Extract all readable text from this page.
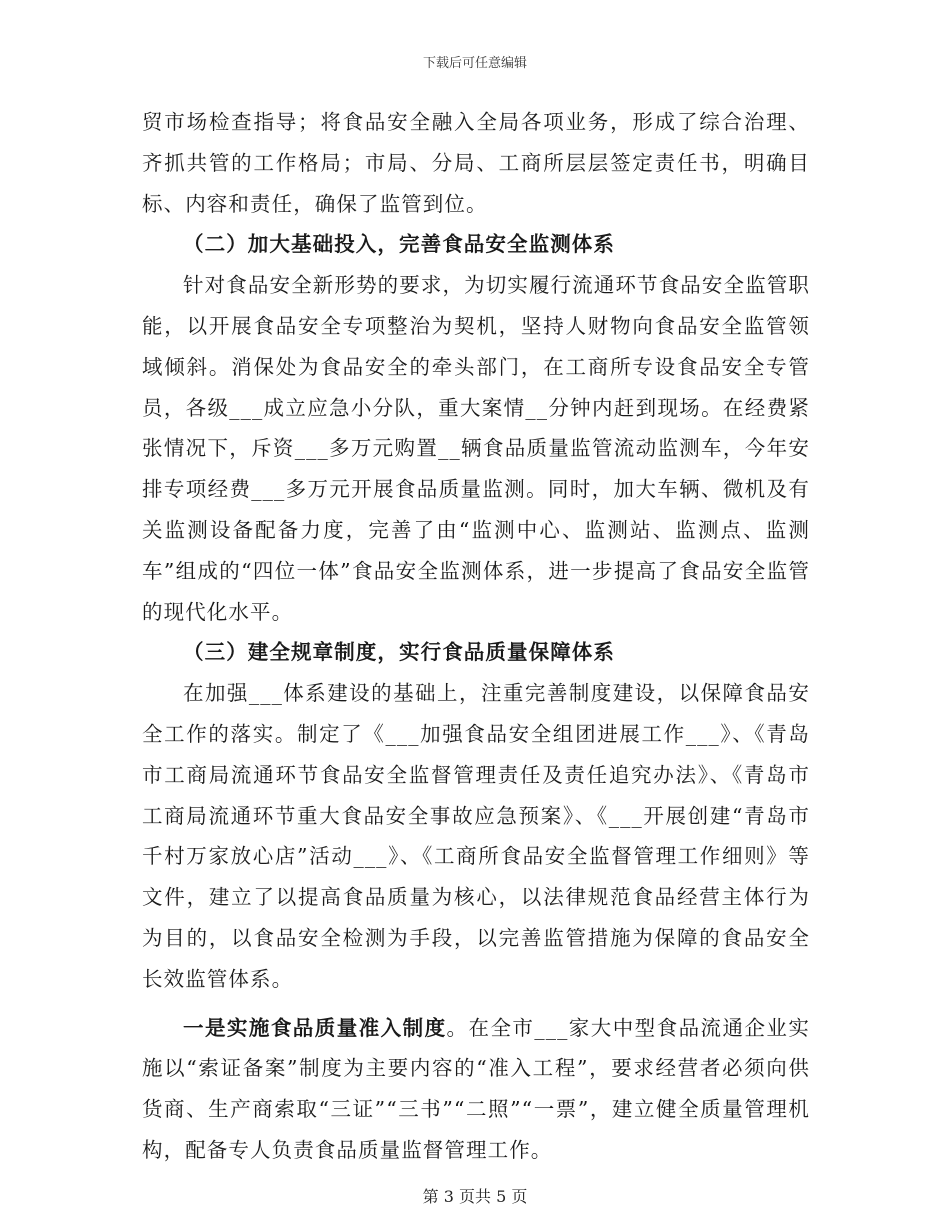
下载后可任意编辑

贸市场检查指导；将食品安全融入全局各项业务，形成了综合治理、齐抓共管的工作格局；市局、分局、工商所层层签定责任书，明确目标、内容和责任，确保了监管到位。

（二）加大基础投入，完善食品安全监测体系

针对食品安全新形势的要求，为切实履行流通环节食品安全监管职能，以开展食品安全专项整治为契机，坚持人财物向食品安全监管领域倾斜。消保处为食品安全的牵头部门，在工商所专设食品安全专管员，各级___成立应急小分队，重大案情__分钟内赶到现场。在经费紧张情况下，斥资___多万元购置__辆食品质量监管流动监测车，今年安排专项经费___多万元开展食品质量监测。同时，加大车辆、微机及有关监测设备配备力度，完善了由“监测中心、监测站、监测点、监测车”组成的“四位一体”食品安全监测体系，进一步提高了食品安全监管的现代化水平。

（三）建全规章制度，实行食品质量保障体系

在加强___体系建设的基础上，注重完善制度建设，以保障食品安全工作的落实。制定了《___加强食品安全组团进展工作___》、《青岛市工商局流通环节食品安全监督管理责任及责任追究办法》、《青岛市工商局流通环节重大食品安全事故应急预案》、《___开展创建“青岛市千村万家放心店”活动___》、《工商所食品安全监督管理工作细则》等文件，建立了以提高食品质量为核心，以法律规范食品经营主体行为为目的，以食品安全检测为手段，以完善监管措施为保障的食品安全长效监管体系。

一是实施食品质量准入制度。在全市___家大中型食品流通企业实施以“索证备案”制度为主要内容的“准入工程”，要求经营者必须向供货商、生产商索取“三证”“三书”“二照”“一票”，建立健全质量管理机构，配备专人负责食品质量监督管理工作。

第 3 页共 5 页
